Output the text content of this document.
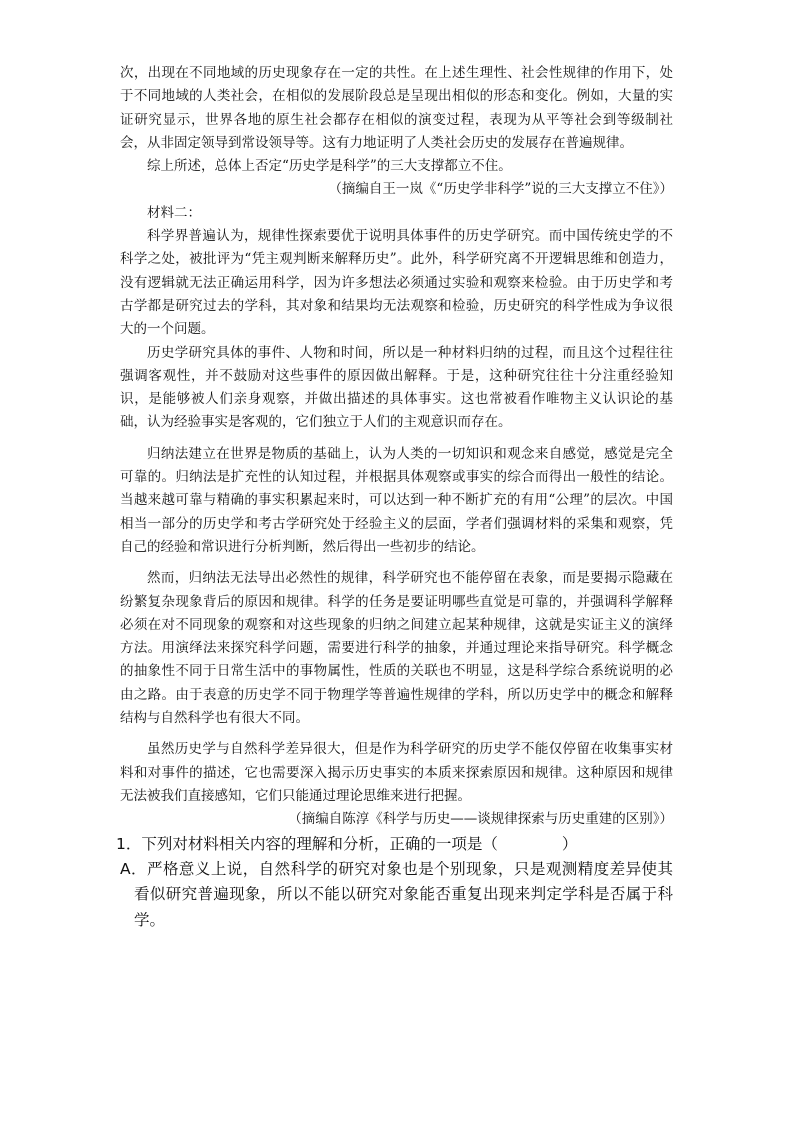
次，出现在不同地域的历史现象存在一定的共性。在上述生理性、社会性规律的作用下，处于不同地域的人类社会，在相似的发展阶段总是呈现出相似的形态和变化。例如，大量的实证研究显示，世界各地的原生社会都存在相似的演变过程，表现为从平等社会到等级制社会，从非固定领导到常设领导等。这有力地证明了人类社会历史的发展存在普遍规律。

综上所述，总体上否定“历史学是科学”的三大支撑都立不住。

（摘编自王一岚《“历史学非科学”说的三大支撑立不住》）

材料二：

科学界普遍认为，规律性探索要优于说明具体事件的历史学研究。而中国传统史学的不科学之处，被批评为“凭主观判断来解释历史”。此外，科学研究离不开逻辑思维和创造力，没有逻辑就无法正确运用科学，因为许多想法必须通过实验和观察来检验。由于历史学和考古学都是研究过去的学科，其对象和结果均无法观察和检验，历史研究的科学性成为争议很大的一个问题。

历史学研究具体的事件、人物和时间，所以是一种材料归纳的过程，而且这个过程往往强调客观性，并不鼓励对这些事件的原因做出解释。于是，这种研究往往十分注重经验知识，是能够被人们亲身观察，并做出描述的具体事实。这也常被看作唯物主义认识论的基础，认为经验事实是客观的，它们独立于人们的主观意识而存在。

归纳法建立在世界是物质的基础上，认为人类的一切知识和观念来自感觉，感觉是完全可靠的。归纳法是扩充性的认知过程，并根据具体观察或事实的综合而得出一般性的结论。当越来越可靠与精确的事实积累起来时，可以达到一种不断扩充的有用“公理”的层次。中国相当一部分的历史学和考古学研究处于经验主义的层面，学者们强调材料的采集和观察，凭自己的经验和常识进行分析判断，然后得出一些初步的结论。

然而，归纳法无法导出必然性的规律，科学研究也不能停留在表象，而是要揭示隐藏在纷繁复杂现象背后的原因和规律。科学的任务是要证明哪些直觉是可靠的，并强调科学解释必须在对不同现象的观察和对这些现象的归纳之间建立起某种规律，这就是实证主义的演绎方法。用演绎法来探究科学问题，需要进行科学的抽象，并通过理论来指导研究。科学概念的抽象性不同于日常生活中的事物属性，性质的关联也不明显，这是科学综合系统说明的必由之路。由于表意的历史学不同于物理学等普遍性规律的学科，所以历史学中的概念和解释结构与自然科学也有很大不同。

虽然历史学与自然科学差异很大，但是作为科学研究的历史学不能仅停留在收集事实材料和对事件的描述，它也需要深入揭示历史事实的本质来探索原因和规律。这种原因和规律无法被我们直接感知，它们只能通过理论思维来进行把握。

（摘编自陈淳《科学与历史——谈规律探索与历史重建的区别》）

1．下列对材料相关内容的理解和分析，正确的一项是（	）

A．严格意义上说，自然科学的研究对象也是个别现象，只是观测精度差异使其看似研究普遍现象，所以不能以研究对象能否重复出现来判定学科是否属于科学。
